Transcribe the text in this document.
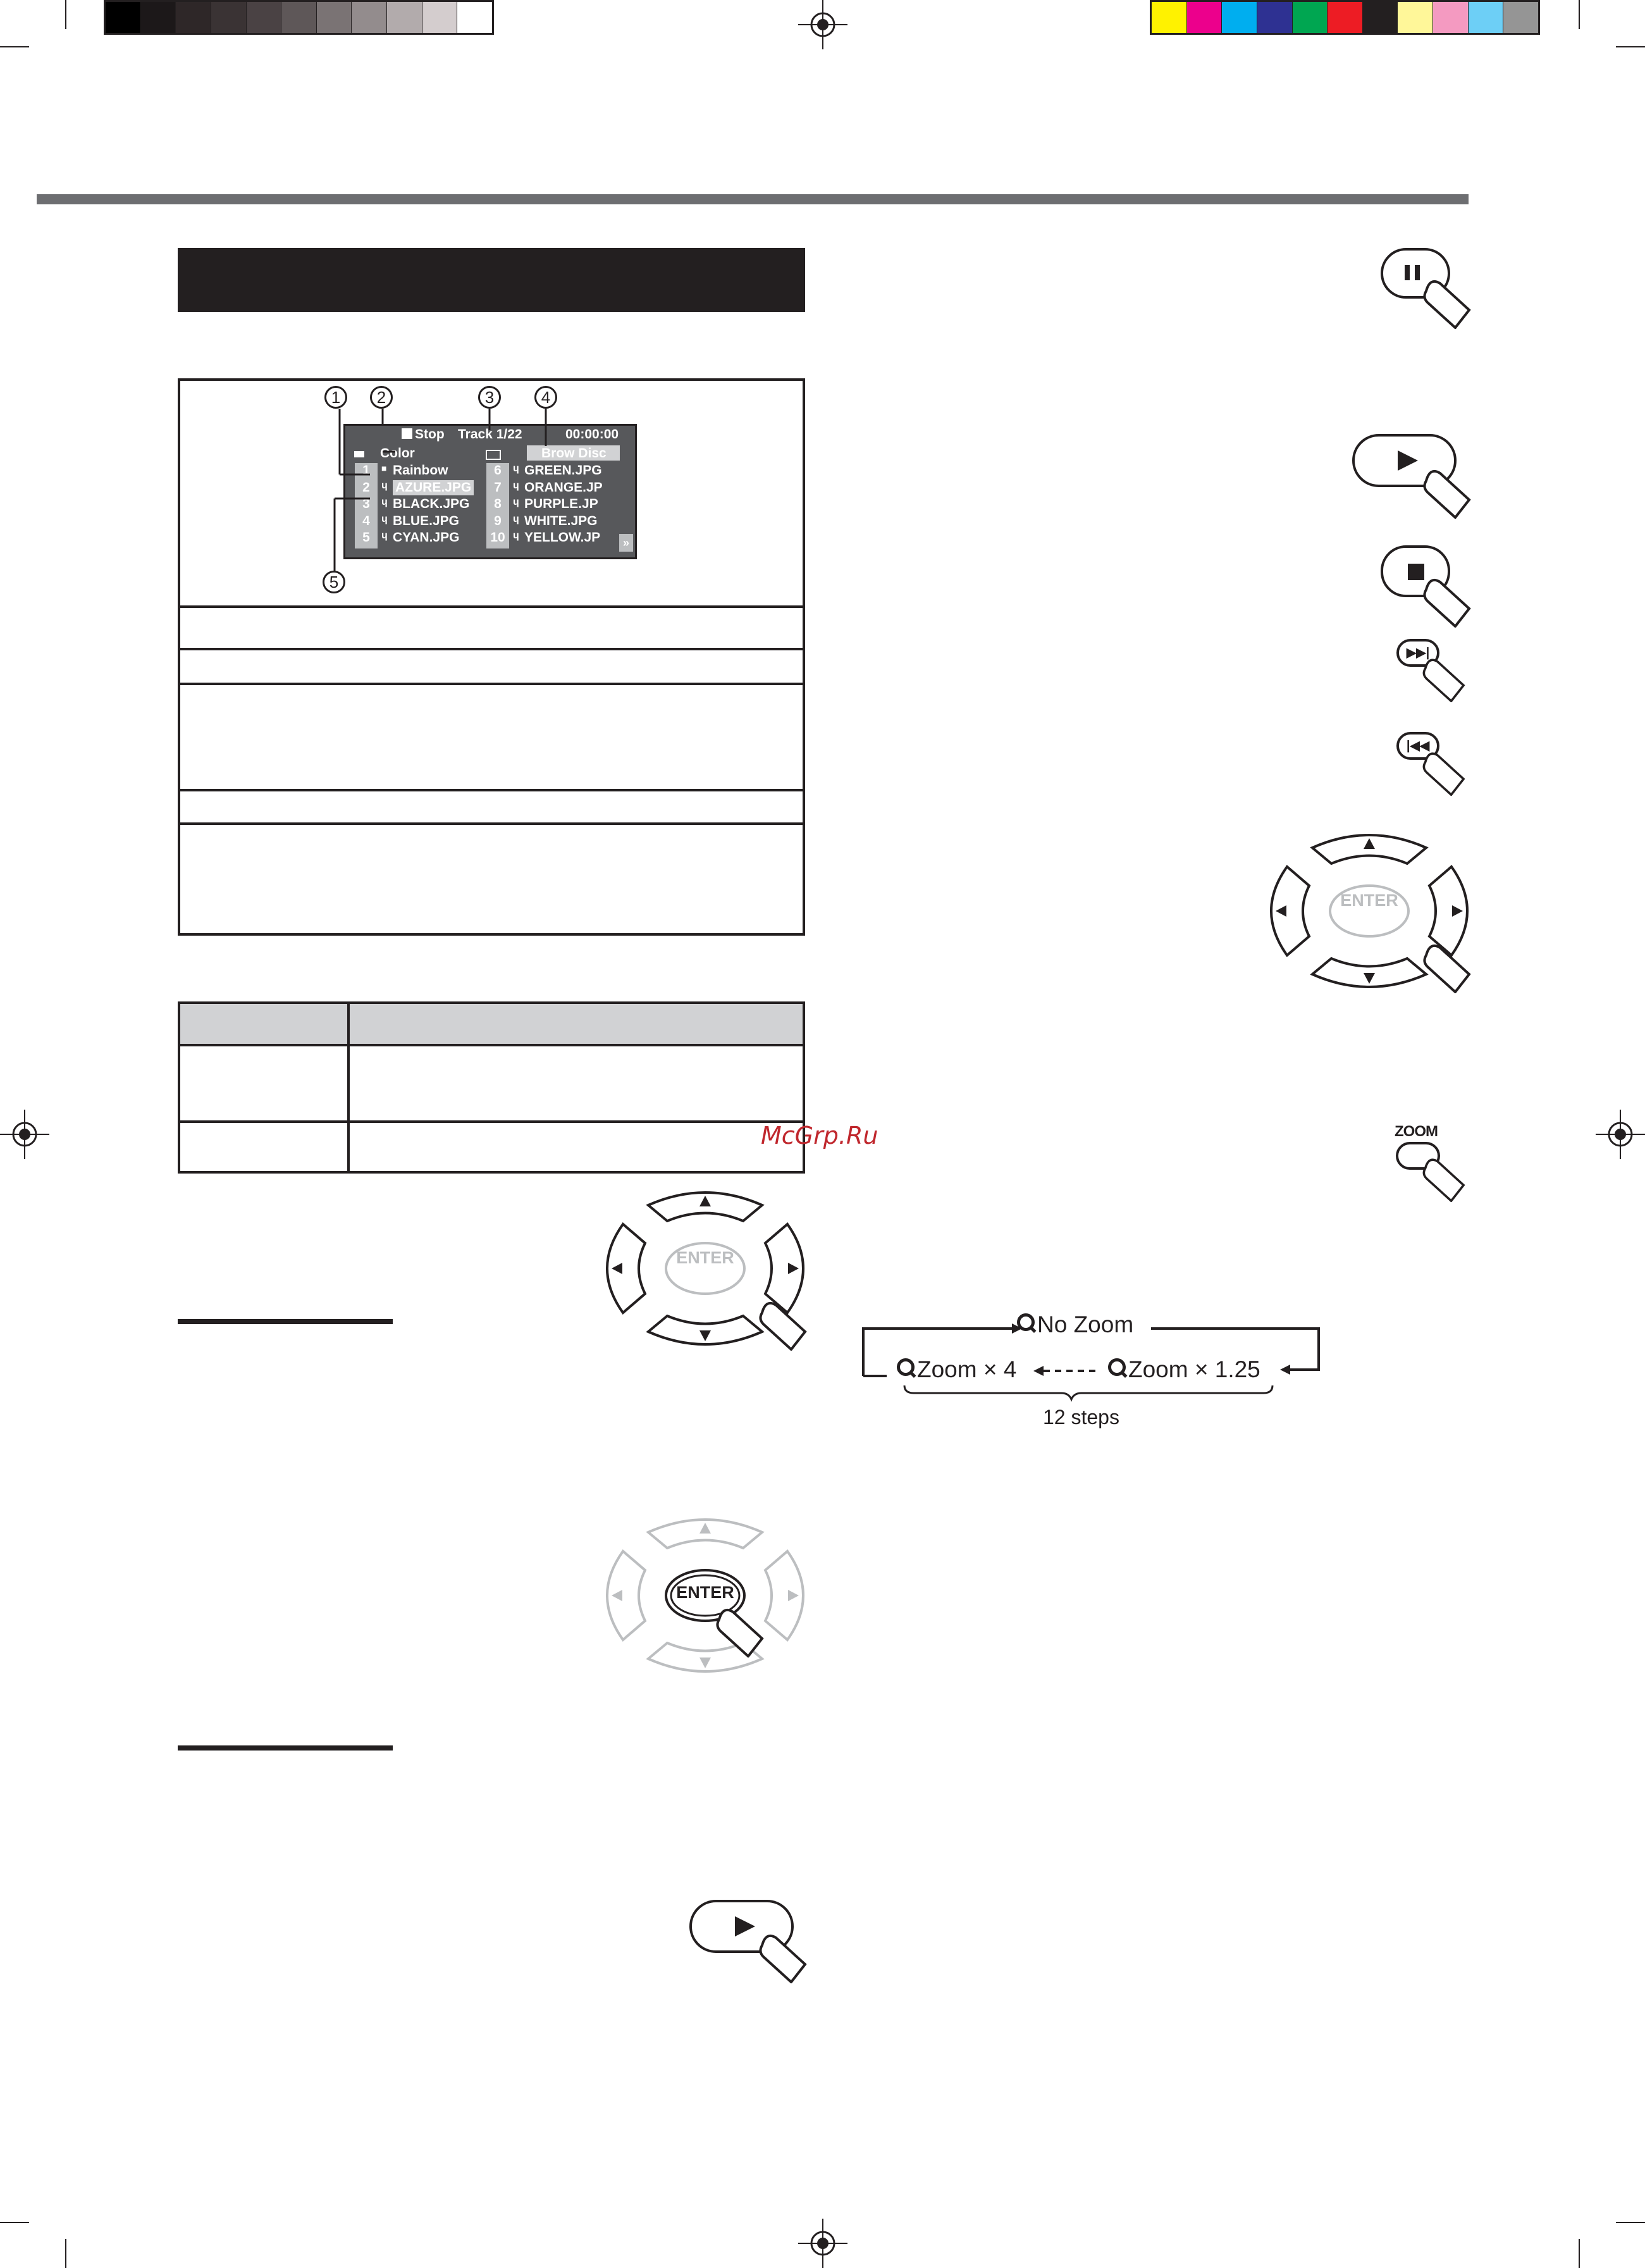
Stop Track 1/22	00:00:00
Color	Brow Disc
1	■ Rainbow
2	ɥ AZURE.JPG
3	ɥ BLACK.JPG
4	ɥ BLUE.JPG
5	ɥ CYAN.JPG
6	ɥ GREEN.JPG
7	ɥ ORANGE.JP
8	ɥ PURPLE.JP
9	ɥ WHITE.JPG
10 ɥ YELLOW.JP	»
1	2	3	4
5
McGrp.Ru
▶▶|
|◀◀
ENTER
ZOOM
No Zoom
Zoom × 4	Zoom × 1.25
12 steps
ENTER
ENTER
